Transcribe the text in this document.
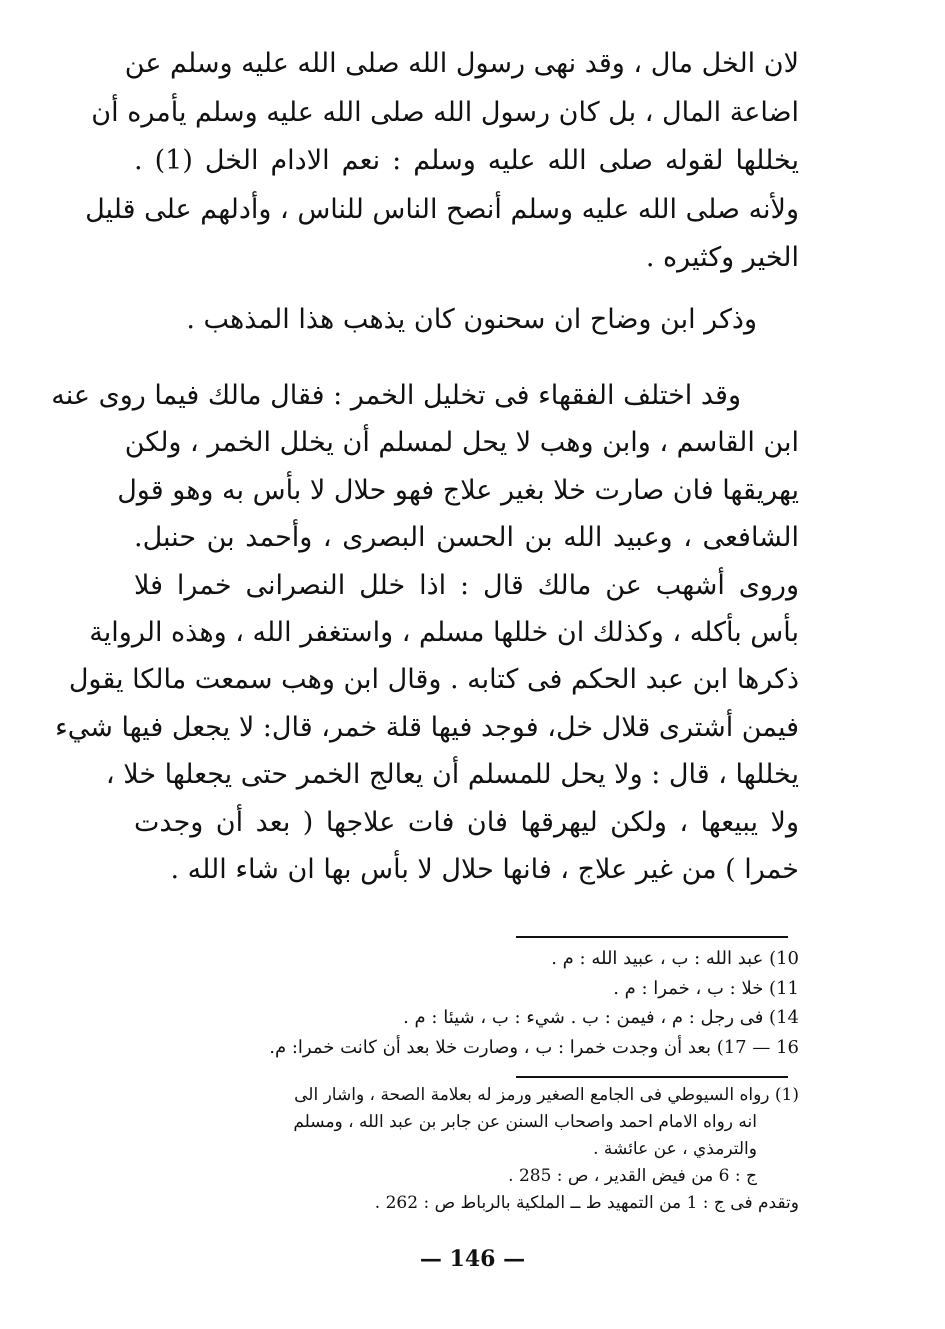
لان الخل مال ، وقد نهى رسول الله صلى الله عليه وسلم عن
اضاعة المال ، بل كان رسول الله صلى الله عليه وسلم يأمره أن
يخللها لقوله صلى الله عليه وسلم : نعم الادام الخل (1) .
ولأنه صلى الله عليه وسلم أنصح الناس للناس ، وأدلهم على قليل
الخير وكثيره .
وذكر ابن وضاح ان سحنون كان يذهب هذا المذهب .
وقد اختلف الفقهاء فى تخليل الخمر : فقال مالك فيما روى عنه
ابن القاسم ، وابن وهب لا يحل لمسلم أن يخلل الخمر ، ولكن
يهريقها فان صارت خلا بغير علاج فهو حلال لا بأس به وهو قول
الشافعى ، وعبيد الله بن الحسن البصرى ، وأحمد بن حنبل.
وروى أشهب عن مالك قال : اذا خلل النصرانى خمرا فلا
بأس بأكله ، وكذلك ان خللها مسلم ، واستغفر الله ، وهذه الرواية
ذكرها ابن عبد الحكم فى كتابه . وقال ابن وهب سمعت مالكا يقول
فيمن أشترى قلال خل، فوجد فيها قلة خمر، قال: لا يجعل فيها شيء
يخللها ، قال : ولا يحل للمسلم أن يعالج الخمر حتى يجعلها خلا ،
ولا يبيعها ، ولكن ليهرقها فان فات علاجها ( بعد أن وجدت
خمرا ) من غير علاج ، فانها حلال لا بأس بها ان شاء الله .
10) عبد الله : ب ، عبيد الله : م .
11) خلا : ب ، خمرا : م .
14) فى رجل : م ، فيمن : ب . شيء : ب ، شيئا : م .
16 — 17) بعد أن وجدت خمرا : ب ، وصارت خلا بعد أن كانت خمرا: م.
(1) رواه السيوطي فى الجامع الصغير ورمز له بعلامة الصحة ، واشار الى
انه رواه الامام احمد واصحاب السنن عن جابر بن عبد الله ، ومسلم
والترمذي ، عن عائشة .
ج : 6 من فيض القدير ، ص : 285 .
وتقدم فى ج : 1 من التمهيد ط ــ الملكية بالرباط ص : 262 .
— 146 —
